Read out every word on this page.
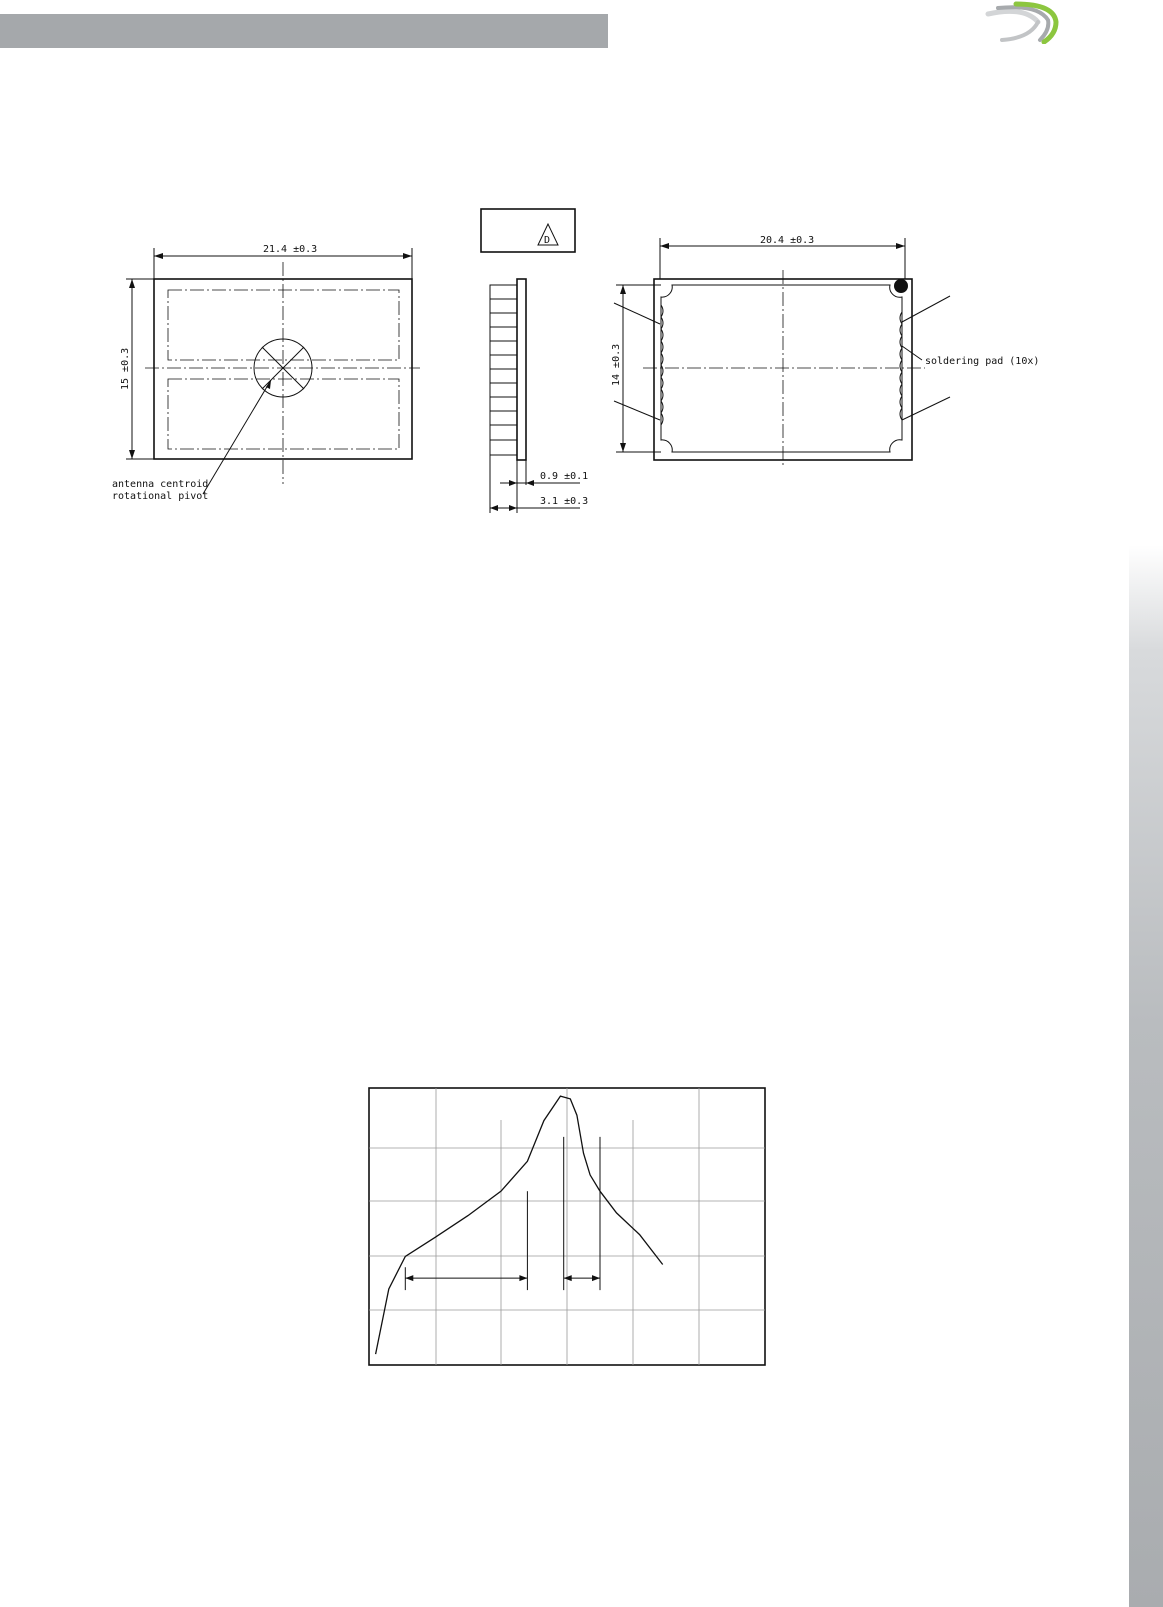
21.4 ±0.3
15 ±0.3
antenna centroid
rotational pivot
D
0.9 ±0.1
3.1 ±0.3
20.4 ±0.3
14 ±0.3	soldering pad (10x)
